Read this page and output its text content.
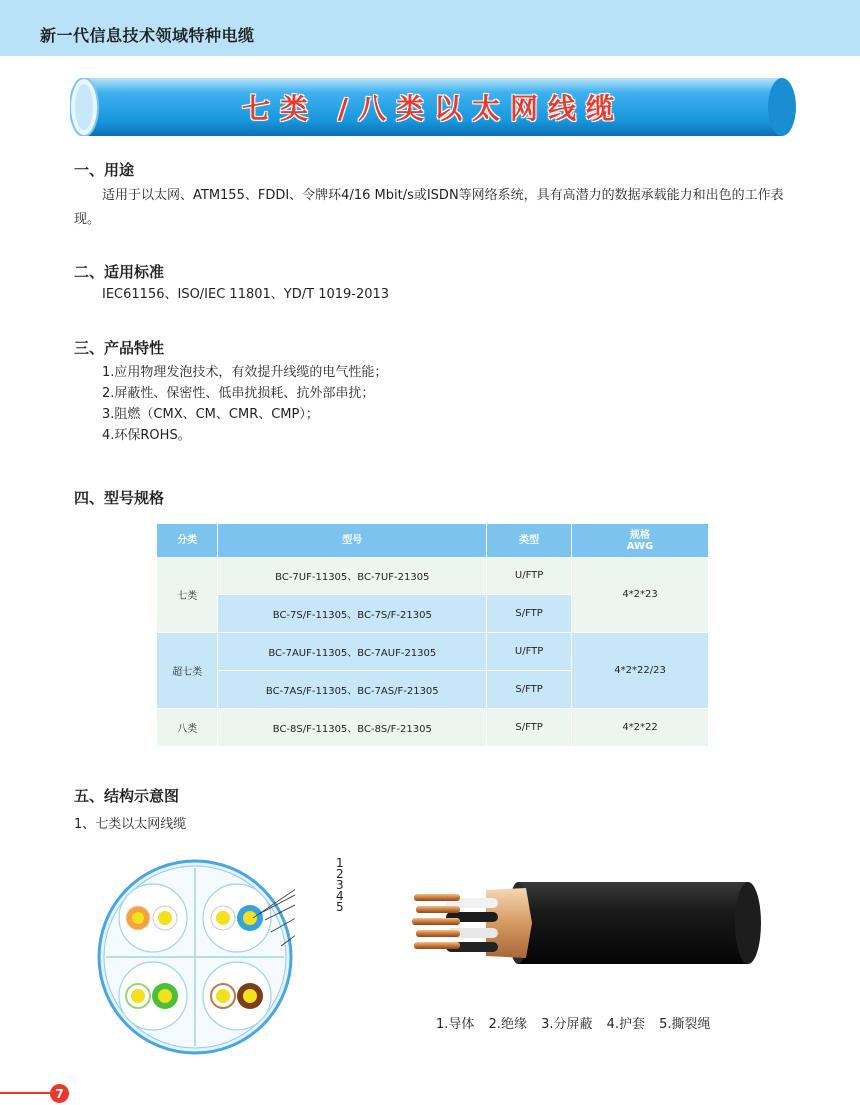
新一代信息技术领域特种电缆
七类 /八类以太网线缆
一、用途
适用于以太网、ATM155、FDDI、令牌环4/16 Mbit/s或ISDN等网络系统，具有高潜力的数据承载能力和出色的工作表现。
二、适用标准
IEC61156、ISO/IEC 11801、YD/T 1019-2013
三、产品特性
1.应用物理发泡技术，有效提升线缆的电气性能；
2.屏蔽性、保密性、低串扰损耗、抗外部串扰；
3.阻燃（CMX、CM、CMR、CMP）；
4.环保ROHS。
四、型号规格
分类	型号	类型	规格
AWG

七类	BC-7UF-11305、BC-7UF-21305	U/FTP	4*2*23
	BC-7S/F-11305、BC-7S/F-21305	S/FTP	
超七类	BC-7AUF-11305、BC-7AUF-21305	U/FTP	4*2*22/23
	BC-7AS/F-11305、BC-7AS/F-21305	S/FTP	
八类	BC-8S/F-11305、BC-8S/F-21305	S/FTP	4*2*22
五、结构示意图
1、七类以太网线缆
1
2
3
4
5
1.导体 2.绝缘 3.分屏蔽 4.护套 5.撕裂绳
7
